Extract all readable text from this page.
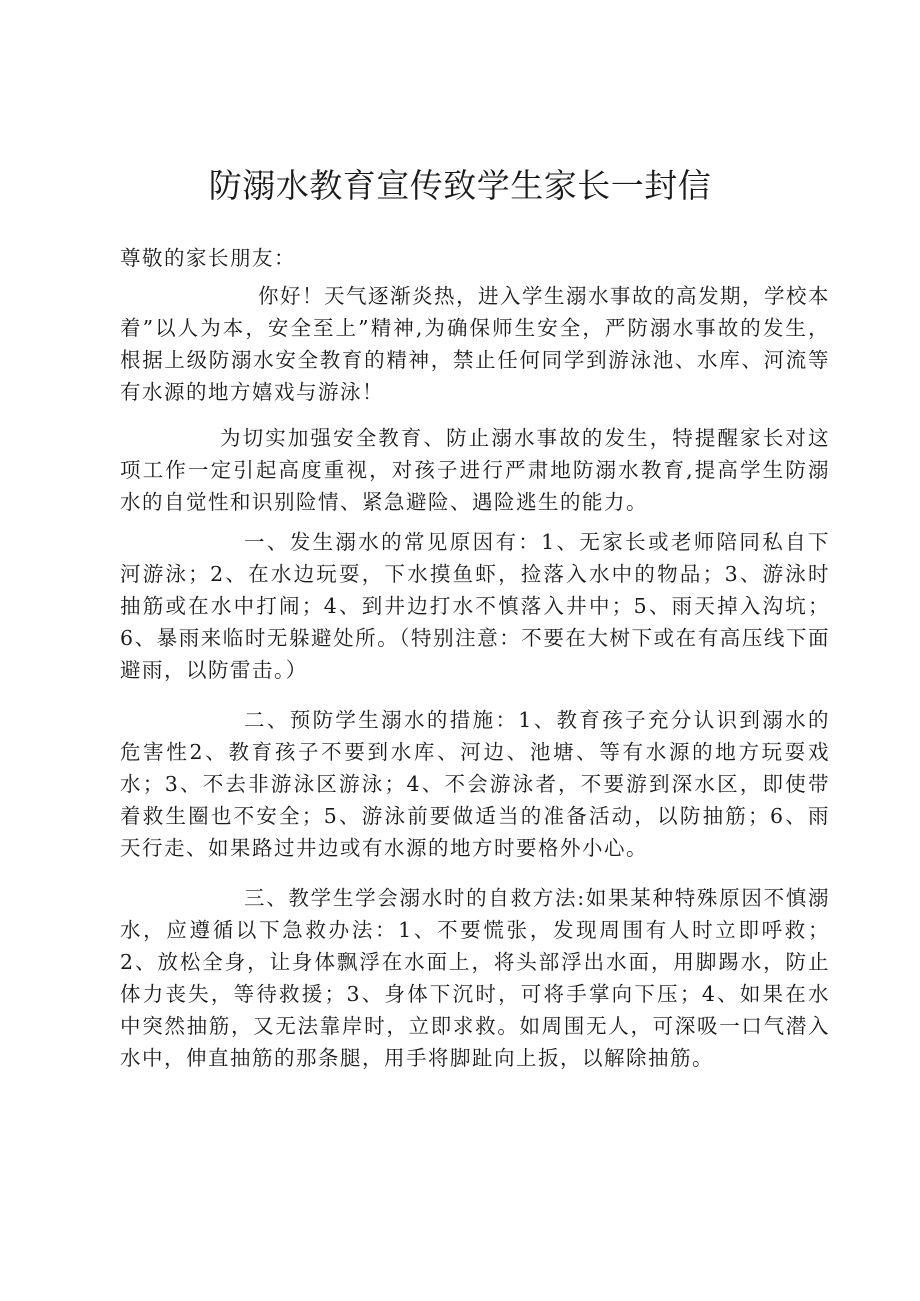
防溺水教育宣传致学生家长一封信
尊敬的家长朋友：
你好！天气逐渐炎热，进入学生溺水事故的高发期，学校本着”以人为本，安全至上”精神,为确保师生安全，严防溺水事故的发生，根据上级防溺水安全教育的精神，禁止任何同学到游泳池、水库、河流等有水源的地方嬉戏与游泳！
为切实加强安全教育、防止溺水事故的发生，特提醒家长对这项工作一定引起高度重视，对孩子进行严肃地防溺水教育,提高学生防溺水的自觉性和识别险情、紧急避险、遇险逃生的能力。
一、发生溺水的常见原因有：1、无家长或老师陪同私自下河游泳；2、在水边玩耍，下水摸鱼虾，捡落入水中的物品；3、游泳时抽筋或在水中打闹；4、到井边打水不慎落入井中；5、雨天掉入沟坑；6、暴雨来临时无躲避处所。（特别注意：不要在大树下或在有高压线下面避雨，以防雷击。）
二、预防学生溺水的措施：1、教育孩子充分认识到溺水的危害性2、教育孩子不要到水库、河边、池塘、等有水源的地方玩耍戏水；3、不去非游泳区游泳；4、不会游泳者，不要游到深水区，即使带着救生圈也不安全；5、游泳前要做适当的准备活动，以防抽筋；6、雨天行走、如果路过井边或有水源的地方时要格外小心。
三、教学生学会溺水时的自救方法:如果某种特殊原因不慎溺水，应遵循以下急救办法：1、不要慌张，发现周围有人时立即呼救；2、放松全身，让身体飘浮在水面上，将头部浮出水面，用脚踢水，防止体力丧失，等待救援；3、身体下沉时，可将手掌向下压；4、如果在水中突然抽筋，又无法靠岸时，立即求救。如周围无人，可深吸一口气潜入水中，伸直抽筋的那条腿，用手将脚趾向上扳，以解除抽筋。
